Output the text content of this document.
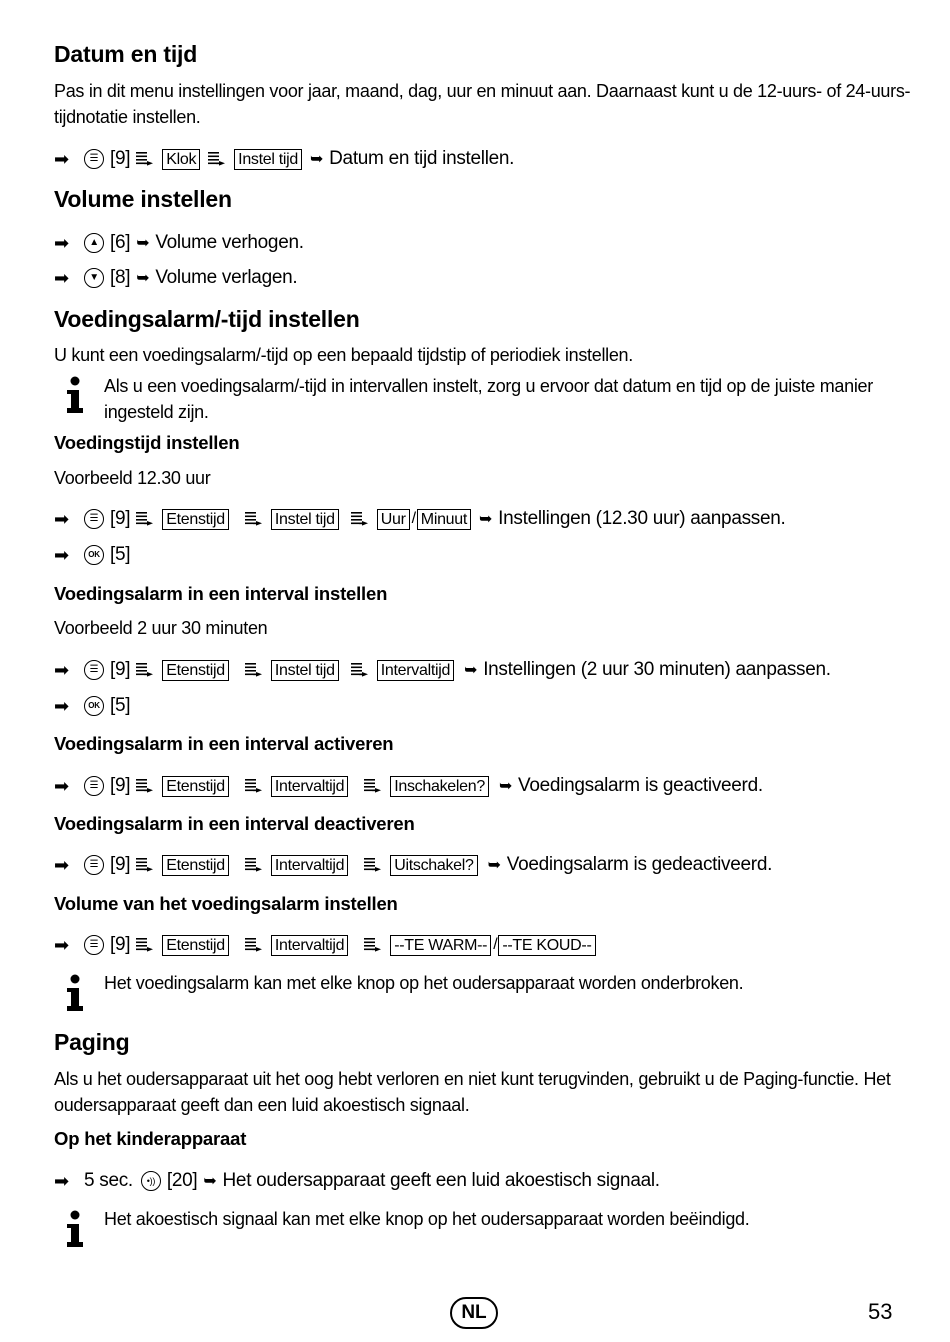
Datum en tijd
Pas in dit menu instellingen voor jaar, maand, dag, uur en minuut aan. Daarnaast kunt u de 12-uurs- of 24-uurs-tijdnotatie instellen.
➡	☰ [9] Klok	Instel tijd ➥ Datum en tijd instellen.
Volume instellen
➡	▲ [6] ➥ Volume verhogen.
➡	▼ [8] ➥ Volume verlagen.
Voedingsalarm/-tijd instellen
U kunt een voedingsalarm/-tijd op een bepaald tijdstip of periodiek instellen.
Als u een voedingsalarm/-tijd in intervallen instelt, zorg u ervoor dat datum en tijd op de juiste manier ingesteld zijn.
Voedingstijd instellen
Voorbeeld 12.30 uur
➡	☰ [9] Etenstijd	Instel tijd	Uur / Minuut ➥ Instellingen (12.30 uur) aanpassen.
➡	OK [5]
Voedingsalarm in een interval instellen
Voorbeeld 2 uur 30 minuten
➡	☰ [9] Etenstijd	Instel tijd	Intervaltijd ➥ Instellingen (2 uur 30 minuten) aanpassen.
➡	OK [5]
Voedingsalarm in een interval activeren
➡	☰ [9] Etenstijd	Intervaltijd	Inschakelen? ➥ Voedingsalarm is geactiveerd.
Voedingsalarm in een interval deactiveren
➡	☰ [9] Etenstijd	Intervaltijd	Uitschakel? ➥ Voedingsalarm is gedeactiveerd.
Volume van het voedingsalarm instellen
➡	☰ [9] Etenstijd	Intervaltijd	--TE WARM-- / --TE KOUD--
Het voedingsalarm kan met elke knop op het oudersapparaat worden onderbroken.
Paging
Als u het oudersapparaat uit het oog hebt verloren en niet kunt terugvinden, gebruikt u de Paging-functie. Het oudersapparaat geeft dan een luid akoestisch signaal.
Op het kinderapparaat
➡ 5 sec.	•)) [20] ➥ Het oudersapparaat geeft een luid akoestisch signaal.
Het akoestisch signaal kan met elke knop op het oudersapparaat worden beëindigd.
NL	53
